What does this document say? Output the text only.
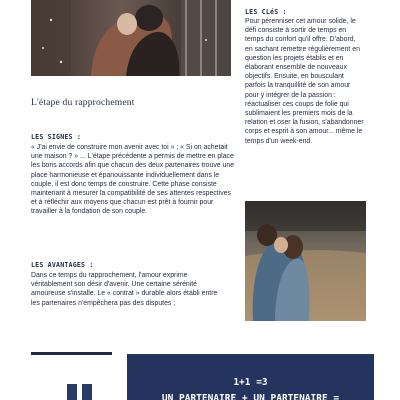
L'étape du rapprochement
LES SIGNES :
« J'ai envie de construire mon avenir avec toi » ; « Si on achetait une maison ? » ... L'étape précédente a permis de mettre en place les bons accords afin que chacun des deux partenaires trouve une place harmonieuse et épanouissante individuellement dans le couple, il est donc temps de construire. Cette phase consiste maintenant à mesurer la compatibilité de ses attentes respectives et à réfléchir aux moyens que chacun est prêt à fournir pour travailler à la fondation de son couple.
LES AVANTAGES :
Dans ce temps du rapprochement, l'amour exprime véritablement son désir d'avenir. Une certaine sérénité amoureuse s'installe. Le « contrat » durable alors établi entre les partenaires n'empêchera pas des disputes ;
LES CLéS :
Pour pérenniser cet amour solide, le défi consiste à sortir de temps en temps du confort qu'il offre. D'abord, en sachant remettre régulièrement en question les projets établis et en élaborant ensemble de nouveaux objectifs. Ensuite, en bousculant parfois la tranquillité de son amour pour y intégrer de la passion : réactualiser ces coups de folie qui sublimaient les premiers mois de la relation et oser la fusion, s'abandonner corps et esprit à son amour... même le temps d'un week-end.
1+1 =3
UN PARTENAIRE + UN PARTENAIRE =
